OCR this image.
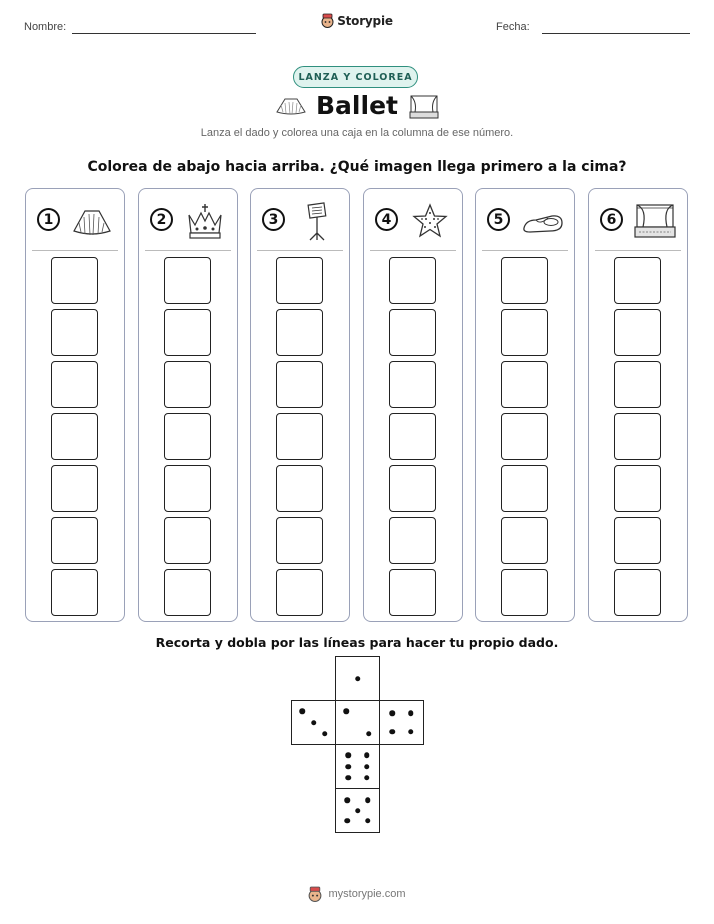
Nombre:	Storypie	Fecha:
LANZA Y COLOREA
Ballet
Lanza el dado y colorea una caja en la columna de ese número.
Colorea de abajo hacia arriba. ¿Qué imagen llega primero a la cima?
1	2	3	4	5	6
Recorta y dobla por las líneas para hacer tu propio dado.
mystorypie.com
